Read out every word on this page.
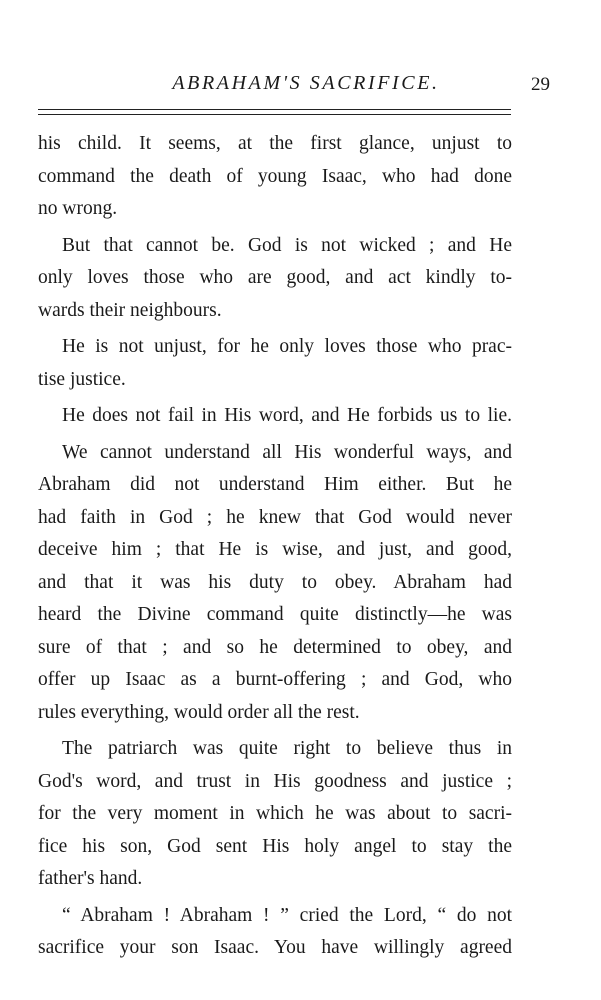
ABRAHAM'S SACRIFICE.	29
his child. It seems, at the first glance, unjust to
command the death of young Isaac, who had done
no wrong.
But that cannot be. God is not wicked ; and He
only loves those who are good, and act kindly to-
wards their neighbours.
He is not unjust, for he only loves those who prac-
tise justice.
He does not fail in His word, and He forbids us to lie.
We cannot understand all His wonderful ways, and
Abraham did not understand Him either. But he
had faith in God ; he knew that God would never
deceive him ; that He is wise, and just, and good,
and that it was his duty to obey. Abraham had
heard the Divine command quite distinctly—he was
sure of that ; and so he determined to obey, and
offer up Isaac as a burnt-offering ; and God, who
rules everything, would order all the rest.
The patriarch was quite right to believe thus in
God's word, and trust in His goodness and justice ;
for the very moment in which he was about to sacri-
fice his son, God sent His holy angel to stay the
father's hand.
“ Abraham ! Abraham ! ” cried the Lord, “ do not
sacrifice your son Isaac. You have willingly agreed
